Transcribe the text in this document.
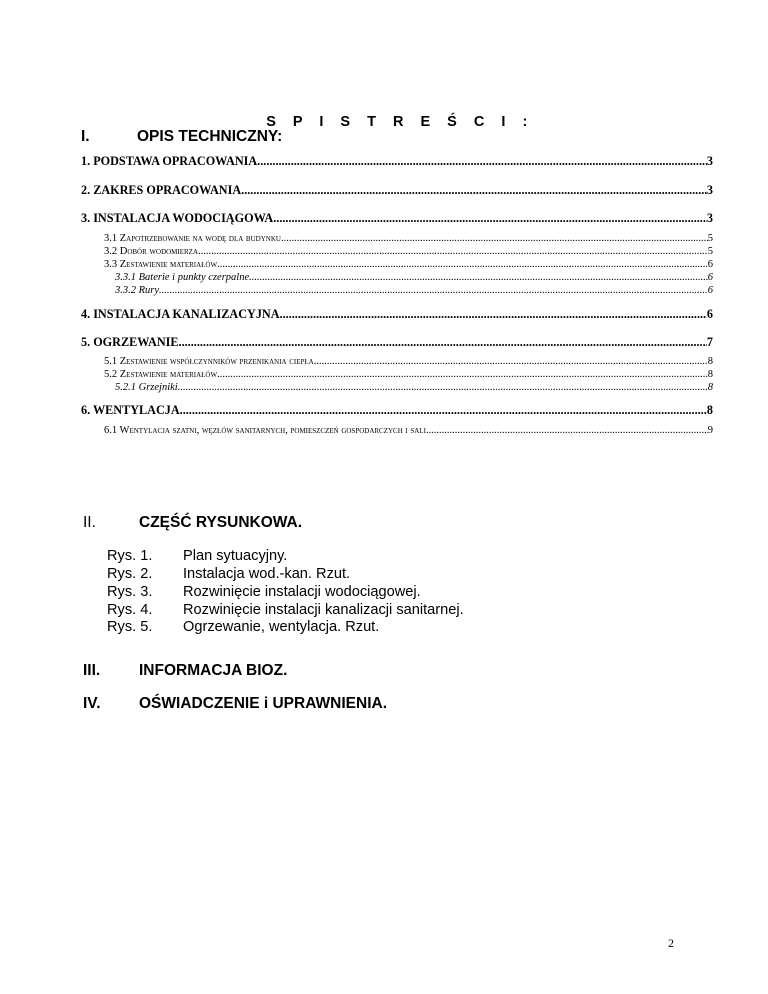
S P I S T R E Ś C I :
I.	OPIS TECHNICZNY:
1. PODSTAWA OPRACOWANIA .....	3
2. ZAKRES OPRACOWANIA .....	3
3. INSTALACJA WODOCIĄGOWA .....	3
3.1 Zapotrzebowanie na wodę dla budynku .....	5
3.2 Dobór wodomierza .....	5
3.3 Zestawienie materiałów .....	6
3.3.1 Baterie i punkty czerpalne .....	6
3.3.2 Rury .....	6
4. INSTALACJA KANALIZACYJNA. .....	6
5. OGRZEWANIE .....	7
5.1 Zestawienie współczynników przenikania ciepła .....	8
5.2 Zestawienie materiałów .....	8
5.2.1 Grzejniki .....	8
6. WENTYLACJA .....	8
6.1 Wentylacja szatni, węzłów sanitarnych, pomieszczeń gospodarczych i sali. .....	9
II.	CZĘŚĆ RYSUNKOWA.
Rys. 1. Plan sytuacyjny.
Rys. 2. Instalacja wod.-kan. Rzut.
Rys. 3. Rozwinięcie instalacji wodociągowej.
Rys. 4. Rozwinięcie instalacji kanalizacji sanitarnej.
Rys. 5. Ogrzewanie, wentylacja. Rzut.
III.	INFORMACJA BIOZ.
IV. OŚWIADCZENIE i UPRAWNIENIA.
2
